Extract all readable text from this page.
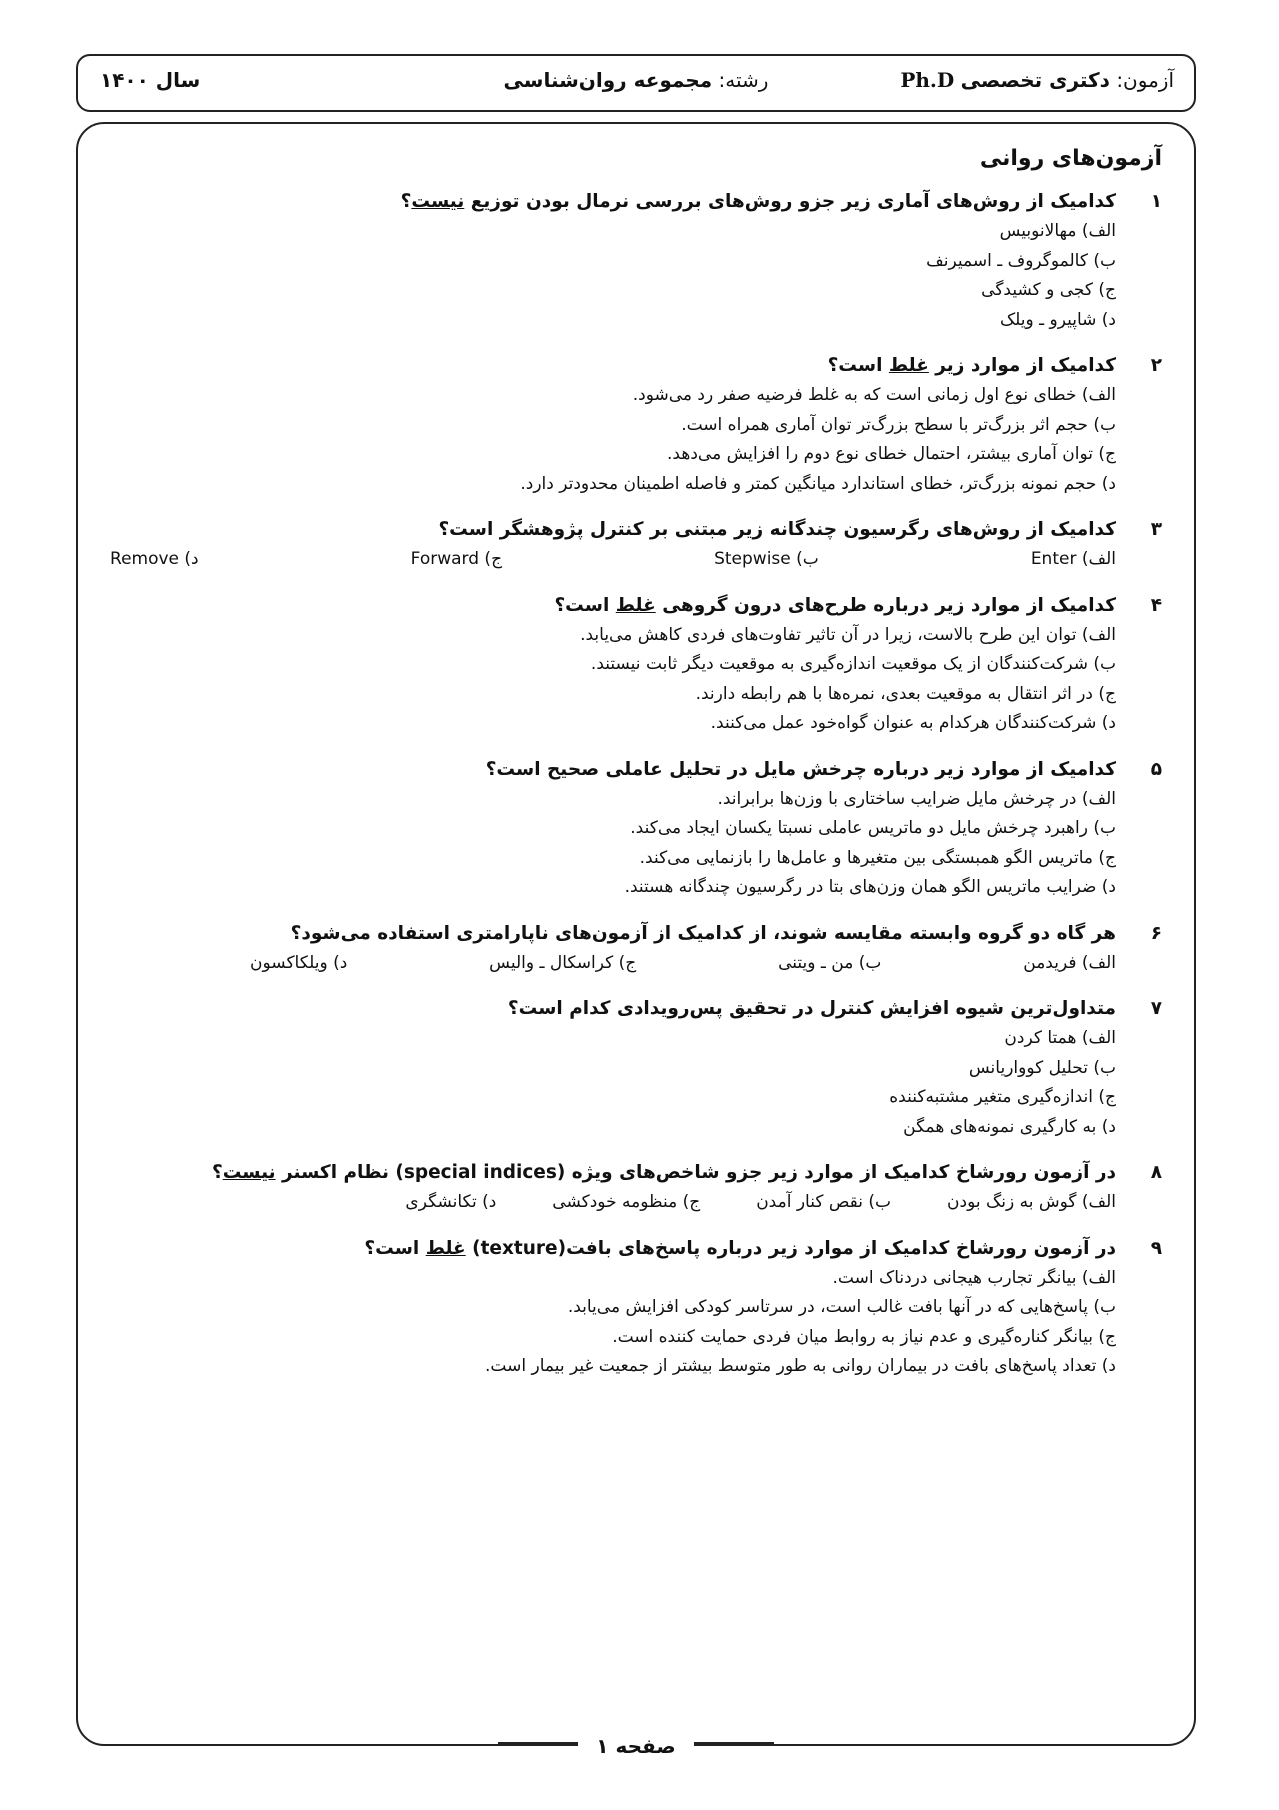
آزمون: دکتری تخصصی Ph.D
رشته: مجموعه روان‌شناسی
سال ۱۴۰۰
آزمون‌های روانی
۱
کدامیک از روش‌های آماری زیر جزو روش‌های بررسی نرمال بودن توزیع نیست؟
الف) مهالانوبیس
ب) کالموگروف ـ اسمیرنف
ج) کجی و کشیدگی
د) شاپیرو ـ ویلک
۲
کدامیک از موارد زیر غلط است؟
الف) خطای نوع اول زمانی است که به غلط فرضیه صفر رد می‌شود.
ب) حجم اثر بزرگ‌تر با سطح بزرگ‌تر توان آماری همراه است.
ج) توان آماری بیشتر، احتمال خطای نوع دوم را افزایش می‌دهد.
د) حجم نمونه بزرگ‌تر، خطای استاندارد میانگین کمتر و فاصله اطمینان محدودتر دارد.
۳
کدامیک از روش‌های رگرسیون چندگانه زیر مبتنی بر کنترل پژوهشگر است؟
الف) Enter
ب) Stepwise
ج) Forward
د) Remove
۴
کدامیک از موارد زیر درباره طرح‌های درون گروهی غلط است؟
الف) توان این طرح بالاست، زیرا در آن تاثیر تفاوت‌های فردی کاهش می‌یابد.
ب) شرکت‌کنندگان از یک موقعیت اندازه‌گیری به موقعیت دیگر ثابت نیستند.
ج) در اثر انتقال به موقعیت بعدی، نمره‌ها با هم رابطه دارند.
د) شرکت‌کنندگان هرکدام به عنوان گواه‌خود عمل می‌کنند.
۵
کدامیک از موارد زیر درباره چرخش مایل در تحلیل عاملی صحیح است؟
الف) در چرخش مایل ضرایب ساختاری با وزن‌ها برابراند.
ب) راهبرد چرخش مایل دو ماتریس عاملی نسبتا یکسان ایجاد می‌کند.
ج) ماتریس الگو همبستگی بین متغیرها و عامل‌ها را بازنمایی می‌کند.
د) ضرایب ماتریس الگو همان وزن‌های بتا در رگرسیون چندگانه هستند.
۶
هر گاه دو گروه وابسته مقایسه شوند، از کدامیک از آزمون‌های ناپارامتری استفاده می‌شود؟
الف) فریدمن
ب) من ـ ویتنی
ج) کراسکال ـ والیس
د) ویلکاکسون
۷
متداول‌ترین شیوه افزایش کنترل در تحقیق پس‌رویدادی کدام است؟
الف) همتا کردن
ب) تحلیل کوواریانس
ج) اندازه‌گیری متغیر مشتبه‌کننده
د) به کارگیری نمونه‌های همگن
۸
در آزمون رورشاخ کدامیک از موارد زیر جزو شاخص‌های ویژه (special indices) نظام اکسنر نیست؟
الف) گوش به زنگ بودن
ب) نقص کنار آمدن
ج) منظومه خودکشی
د) تکانشگری
۹
در آزمون رورشاخ کدامیک از موارد زیر درباره پاسخ‌های بافت(texture) غلط است؟
الف) بیانگر تجارب هیجانی دردناک است.
ب) پاسخ‌هایی که در آنها بافت غالب است، در سرتاسر کودکی افزایش می‌یابد.
ج) بیانگر کناره‌گیری و عدم نیاز به روابط میان فردی حمایت کننده است.
د) تعداد پاسخ‌های بافت در بیماران روانی به طور متوسط بیشتر از جمعیت غیر بیمار است.
صفحه ۱
